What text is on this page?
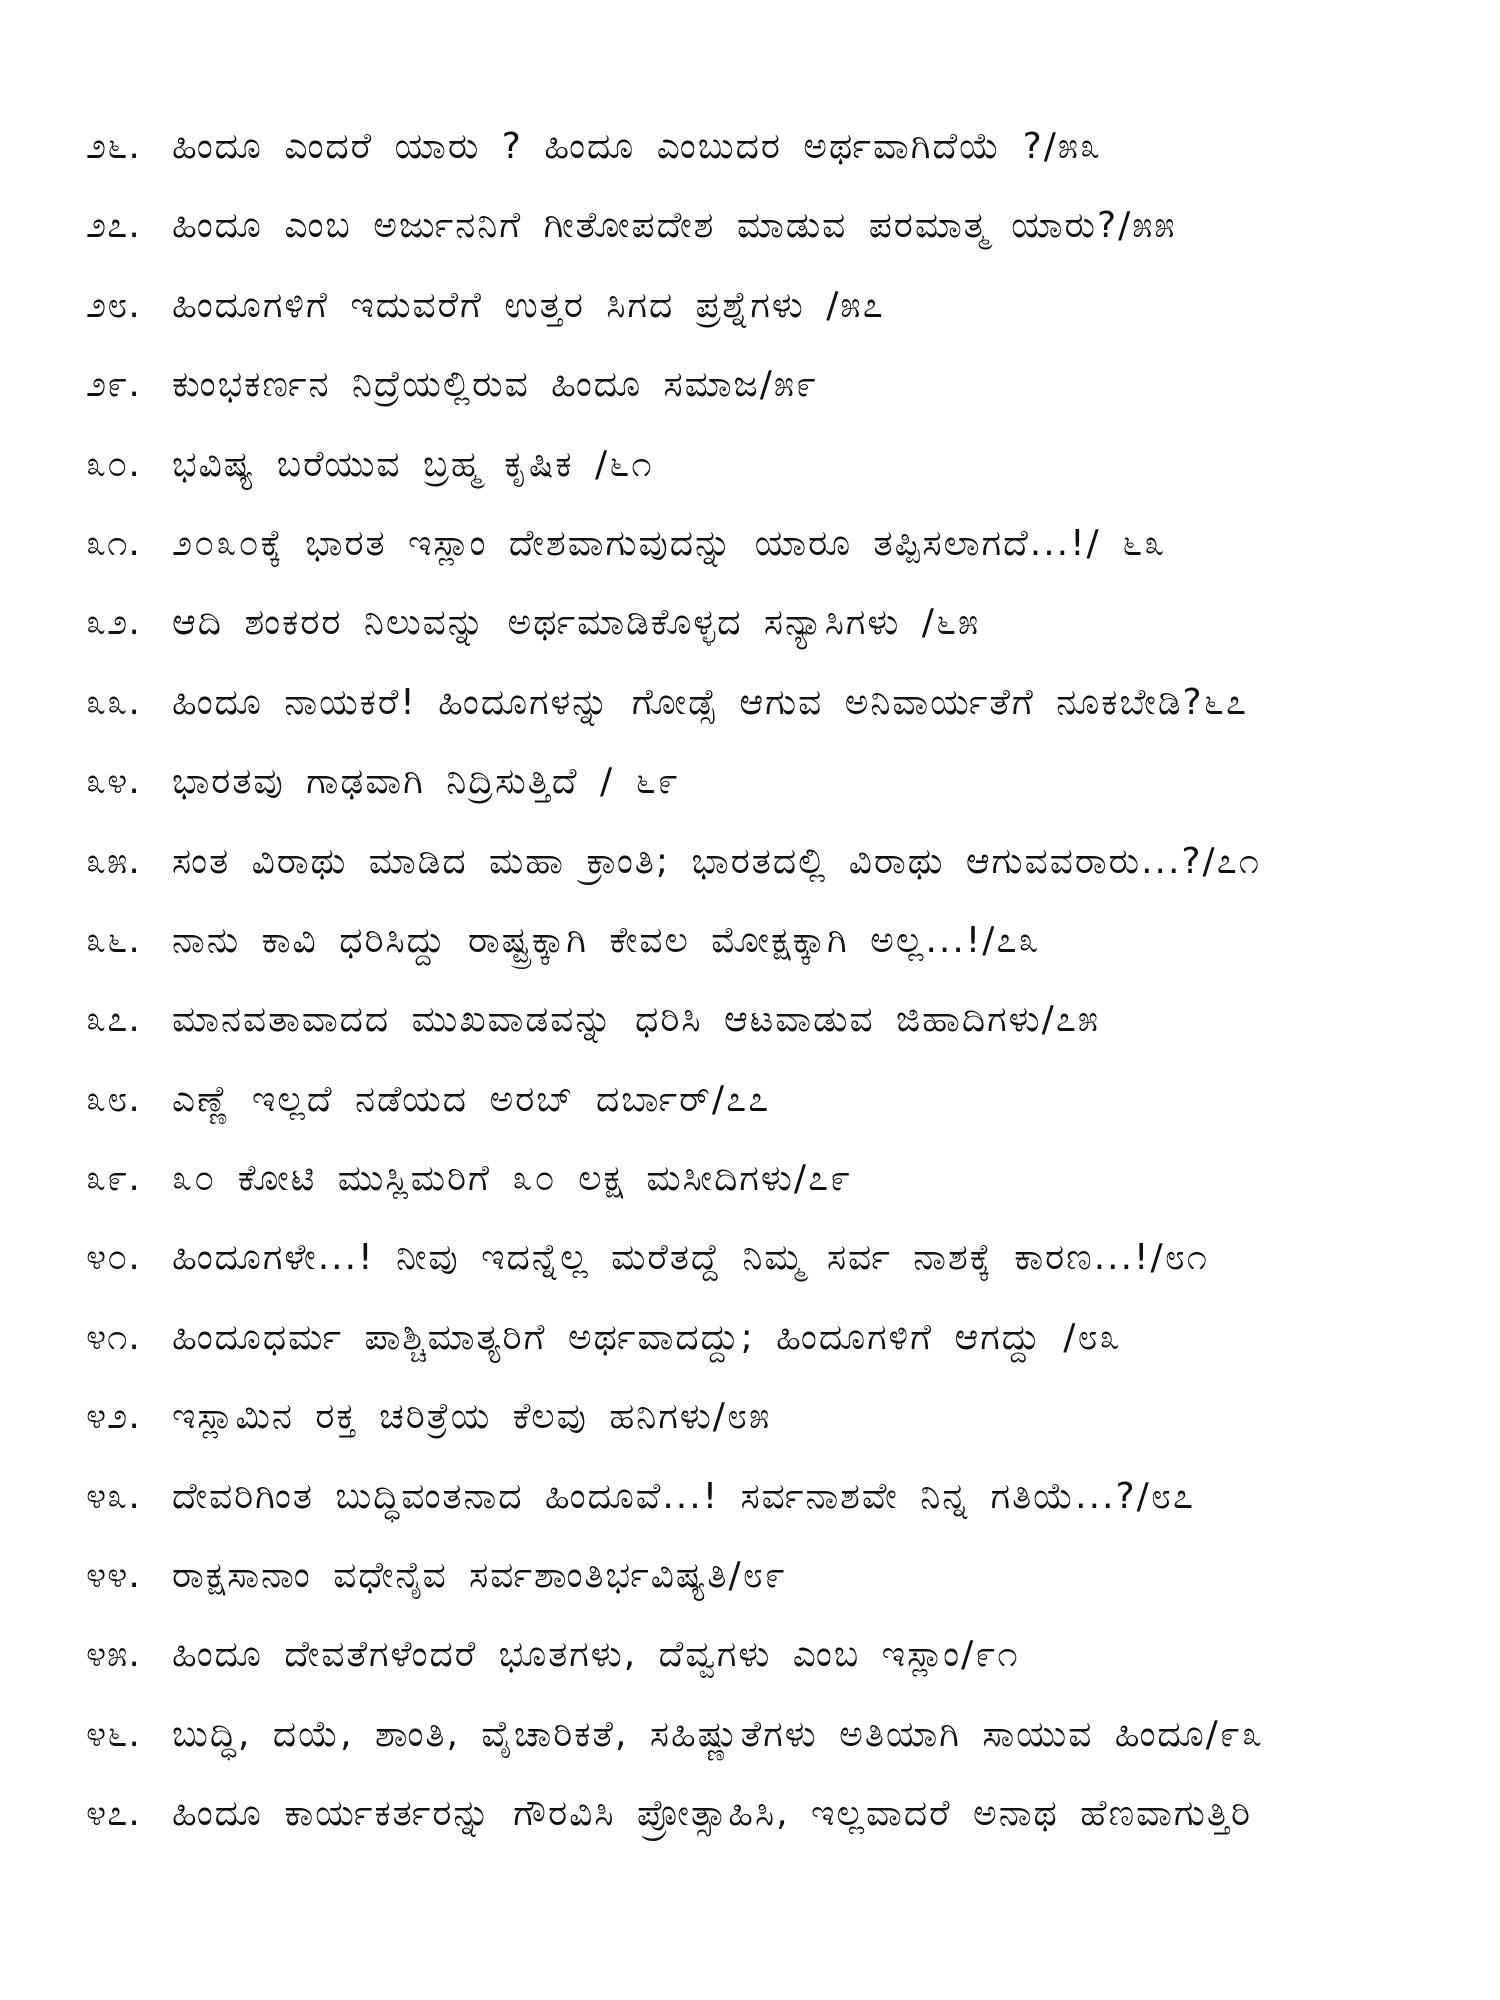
೨೬. ಹಿಂದೂ ಎಂದರೆ ಯಾರು ? ಹಿಂದೂ ಎಂಬುದರ ಅರ್ಥವಾಗಿದೆಯೆ ?/೫೩
೨೭. ಹಿಂದೂ ಎಂಬ ಅರ್ಜುನನಿಗೆ ಗೀತೋಪದೇಶ ಮಾಡುವ ಪರಮಾತ್ಮ ಯಾರು?/೫೫
೨೮. ಹಿಂದೂಗಳಿಗೆ ಇದುವರೆಗೆ ಉತ್ತರ ಸಿಗದ ಪ್ರಶ್ನೆಗಳು /೫೭
೨೯. ಕುಂಭಕರ್ಣನ ನಿದ್ರೆಯಲ್ಲಿರುವ ಹಿಂದೂ ಸಮಾಜ/೫೯
೩೦. ಭವಿಷ್ಯ ಬರೆಯುವ ಬ್ರಹ್ಮ ಕೃಷಿಕ /೬೧
೩೧. ೨೦೩೦ಕ್ಕೆ ಭಾರತ ಇಸ್ಲಾಂ ದೇಶವಾಗುವುದನ್ನು ಯಾರೂ ತಪ್ಪಿಸಲಾಗದೆ...!/ ೬೩
೩೨. ಆದಿ ಶಂಕರರ ನಿಲುವನ್ನು ಅರ್ಥಮಾಡಿಕೊಳ್ಳದ ಸನ್ಯಾಸಿಗಳು /೬೫
೩೩. ಹಿಂದೂ ನಾಯಕರೆ! ಹಿಂದೂಗಳನ್ನು ಗೋಡ್ಸೆ ಆಗುವ ಅನಿವಾರ್ಯತೆಗೆ ನೂಕಬೇಡಿ?೬೭
೩೪. ಭಾರತವು ಗಾಢವಾಗಿ ನಿದ್ರಿಸುತ್ತಿದೆ / ೬೯
೩೫. ಸಂತ ವಿರಾಥು ಮಾಡಿದ ಮಹಾ ಕ್ರಾಂತಿ; ಭಾರತದಲ್ಲಿ ವಿರಾಥು ಆಗುವವರಾರು...?/೭೧
೩೬. ನಾನು ಕಾವಿ ಧರಿಸಿದ್ದು ರಾಷ್ಟ್ರಕ್ಕಾಗಿ ಕೇವಲ ಮೋಕ್ಷಕ್ಕಾಗಿ ಅಲ್ಲ...!/೭೩
೩೭. ಮಾನವತಾವಾದದ ಮುಖವಾಡವನ್ನು ಧರಿಸಿ ಆಟವಾಡುವ ಜಿಹಾದಿಗಳು/೭೫
೩೮. ಎಣ್ಣೆ ಇಲ್ಲದೆ ನಡೆಯದ ಅರಬ್ ದರ್ಬಾರ್/೭೭
೩೯. ೩೦ ಕೋಟಿ ಮುಸ್ಲಿಮರಿಗೆ ೩೦ ಲಕ್ಷ ಮಸೀದಿಗಳು/೭೯
೪೦. ಹಿಂದೂಗಳೇ...! ನೀವು ಇದನ್ನೆಲ್ಲ ಮರೆತದ್ದೆ ನಿಮ್ಮ ಸರ್ವ ನಾಶಕ್ಕೆ ಕಾರಣ...!/೮೧
೪೧. ಹಿಂದೂಧರ್ಮ ಪಾಶ್ಚಿಮಾತ್ಯರಿಗೆ ಅರ್ಥವಾದದ್ದು; ಹಿಂದೂಗಳಿಗೆ ಆಗದ್ದು /೮೩
೪೨. ಇಸ್ಲಾಮಿನ ರಕ್ತ ಚರಿತ್ರೆಯ ಕೆಲವು ಹನಿಗಳು/೮೫
೪೩. ದೇವರಿಗಿಂತ ಬುದ್ಧಿವಂತನಾದ ಹಿಂದೂವೆ...! ಸರ್ವನಾಶವೇ ನಿನ್ನ ಗತಿಯೆ...?/೮೭
೪೪. ರಾಕ್ಷಸಾನಾಂ ವಧೇನೈವ ಸರ್ವಶಾಂತಿರ್ಭವಿಷ್ಯತಿ/೮೯
೪೫. ಹಿಂದೂ ದೇವತೆಗಳೆಂದರೆ ಭೂತಗಳು, ದೆವ್ವಗಳು ಎಂಬ ಇಸ್ಲಾಂ/೯೧
೪೬. ಬುದ್ಧಿ, ದಯೆ, ಶಾಂತಿ, ವೈಚಾರಿಕತೆ, ಸಹಿಷ್ಣುತೆಗಳು ಅತಿಯಾಗಿ ಸಾಯುವ ಹಿಂದೂ/೯೩
೪೭. ಹಿಂದೂ ಕಾರ್ಯಕರ್ತರನ್ನು ಗೌರವಿಸಿ ಪ್ರೋತ್ಸಾಹಿಸಿ, ಇಲ್ಲವಾದರೆ ಅನಾಥ ಹೆಣವಾಗುತ್ತಿರಿ
